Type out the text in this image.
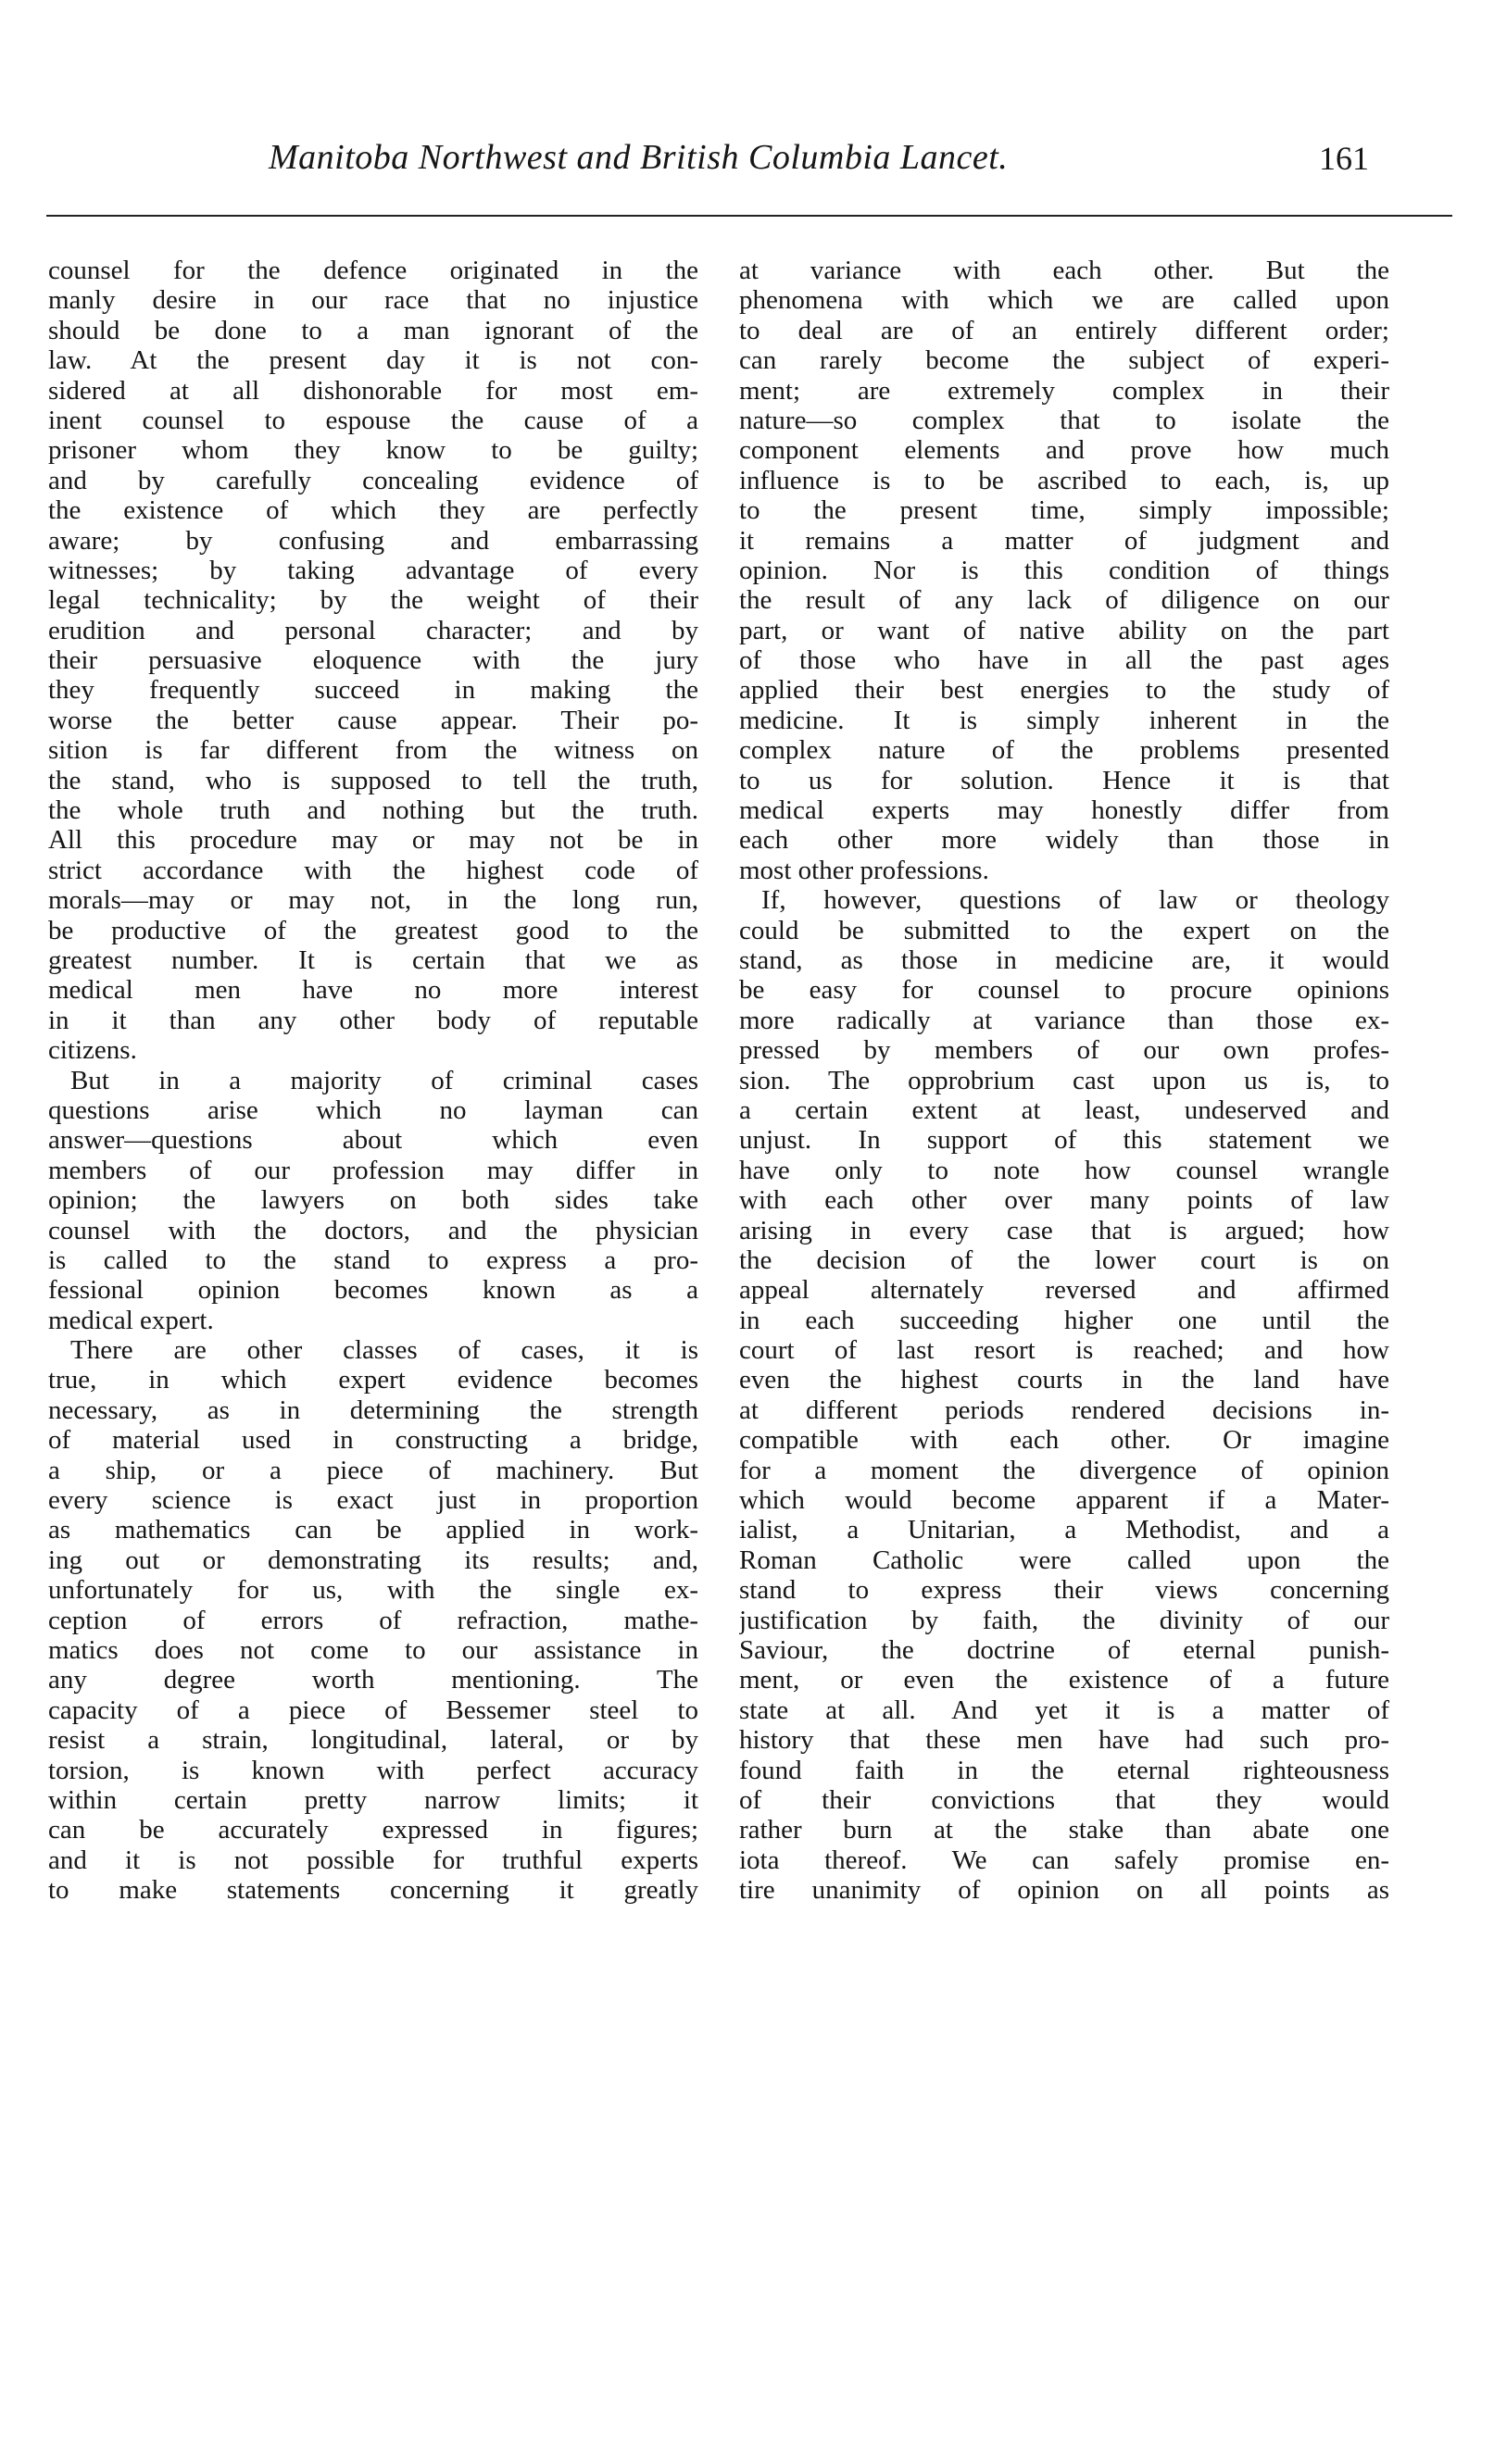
Manitoba Northwest and British Columbia Lancet.	161
counsel for the defence originated in the
manly desire in our race that no injustice
should be done to a man ignorant of the
law. At the present day it is not con-
sidered at all dishonorable for most em-
inent counsel to espouse the cause of a
prisoner whom they know to be guilty;
and by carefully concealing evidence of
the existence of which they are perfectly
aware; by confusing and embarrassing
witnesses; by taking advantage of every
legal technicality; by the weight of their
erudition and personal character; and by
their persuasive eloquence with the jury
they frequently succeed in making the
worse the better cause appear. Their po-
sition is far different from the witness on
the stand, who is supposed to tell the truth,
the whole truth and nothing but the truth.
All this procedure may or may not be in
strict accordance with the highest code of
morals—may or may not, in the long run,
be productive of the greatest good to the
greatest number. It is certain that we as
medical men have no more interest
in it than any other body of reputable
citizens.
But in a majority of criminal cases
questions arise which no layman can
answer—questions about which even
members of our profession may differ in
opinion; the lawyers on both sides take
counsel with the doctors, and the physician
is called to the stand to express a pro-
fessional opinion becomes known as a
medical expert.
There are other classes of cases, it is
true, in which expert evidence becomes
necessary, as in determining the strength
of material used in constructing a bridge,
a ship, or a piece of machinery. But
every science is exact just in proportion
as mathematics can be applied in work-
ing out or demonstrating its results; and,
unfortunately for us, with the single ex-
ception of errors of refraction, mathe-
matics does not come to our assistance in
any degree worth mentioning. The
capacity of a piece of Bessemer steel to
resist a strain, longitudinal, lateral, or by
torsion, is known with perfect accuracy
within certain pretty narrow limits; it
can be accurately expressed in figures;
and it is not possible for truthful experts
to make statements concerning it greatly
at variance with each other. But the
phenomena with which we are called upon
to deal are of an entirely different order;
can rarely become the subject of experi-
ment; are extremely complex in their
nature—so complex that to isolate the
component elements and prove how much
influence is to be ascribed to each, is, up
to the present time, simply impossible;
it remains a matter of judgment and
opinion. Nor is this condition of things
the result of any lack of diligence on our
part, or want of native ability on the part
of those who have in all the past ages
applied their best energies to the study of
medicine. It is simply inherent in the
complex nature of the problems presented
to us for solution. Hence it is that
medical experts may honestly differ from
each other more widely than those in
most other professions.
If, however, questions of law or theology
could be submitted to the expert on the
stand, as those in medicine are, it would
be easy for counsel to procure opinions
more radically at variance than those ex-
pressed by members of our own profes-
sion. The opprobrium cast upon us is, to
a certain extent at least, undeserved and
unjust. In support of this statement we
have only to note how counsel wrangle
with each other over many points of law
arising in every case that is argued; how
the decision of the lower court is on
appeal alternately reversed and affirmed
in each succeeding higher one until the
court of last resort is reached; and how
even the highest courts in the land have
at different periods rendered decisions in-
compatible with each other. Or imagine
for a moment the divergence of opinion
which would become apparent if a Mater-
ialist, a Unitarian, a Methodist, and a
Roman Catholic were called upon the
stand to express their views concerning
justification by faith, the divinity of our
Saviour, the doctrine of eternal punish-
ment, or even the existence of a future
state at all. And yet it is a matter of
history that these men have had such pro-
found faith in the eternal righteousness
of their convictions that they would
rather burn at the stake than abate one
iota thereof. We can safely promise en-
tire unanimity of opinion on all points as
